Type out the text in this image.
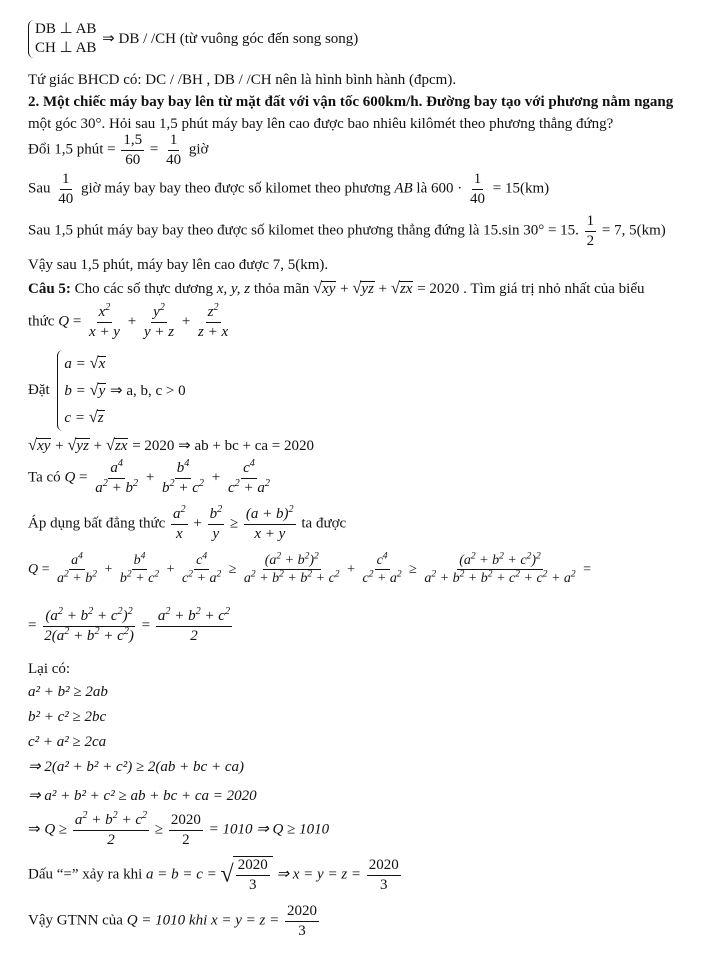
DB ⊥ AB
CH ⊥ AB
⇒ DB / /CH (từ vuông góc đến song song)
Tứ giác BHCD có: DC / /BH , DB / /CH nên là hình bình hành (đpcm).
2. Một chiếc máy bay bay lên từ mặt đất với vận tốc 600km/h. Đường bay tạo với phương nằm ngang
một góc 30°. Hỏi sau 1,5 phút máy bay lên cao được bao nhiêu kilômét theo phương thẳng đứng?
Đổi 1,5 phút = $\frac{1,5}{60} = \frac{1}{40}$ giờ
Sau $\frac{1}{40}$ giờ máy bay bay theo được số kilomet theo phương AB là $600 \cdot \frac{1}{40} = 15(km)$
Sau 1,5 phút máy bay bay theo được số kilomet theo phương thẳng đứng là 15.sin 30° = 15. $\frac{1}{2} = 7$, 5(km)
Vậy sau 1,5 phút, máy bay lên cao được 7, 5(km).
Câu 5: Cho các số thực dương x, y, z thỏa mãn √xy + √yz + √zx = 2020 . Tìm giá trị nhỏ nhất của biểu
thức $Q = \frac{x^2}{x + y} + \frac{y^2}{y + z} + \frac{z^2}{z + x}$
Đặt
a = √x
b = √y ⇒ a, b, c > 0
c = √z
√xy + √yz + √zx = 2020 ⇒ ab + bc + ca = 2020
Ta có $Q = \frac{a^4}{a^2 + b^2} + \frac{b^4}{b^2 + c^2} + \frac{c^4}{c^2 + a^2}$
Áp dụng bất đẳng thức $\frac{a^2}{x} + \frac{b^2}{y} \ge \frac{(a + b)^2}{x + y}$ ta được
$Q = \frac{a^4}{a^2 + b^2} + \frac{b^4}{b^2 + c^2} + \frac{c^4}{c^2 + a^2} \ge \frac{(a^2 + b^2)^2}{a^2 + b^2 + b^2 + c^2} + \frac{c^4}{c^2 + a^2} \ge \frac{(a^2 + b^2 + c^2)^2}{a^2 + b^2 + b^2 + c^2 + c^2 + a^2}$ =
= $\frac{(a^2 + b^2 + c^2)^2}{2(a^2 + b^2 + c^2)} = \frac{a^2 + b^2 + c^2}{2}$
Lại có:
a² + b² ≥ 2ab
b² + c² ≥ 2bc
c² + a² ≥ 2ca
⇒ 2(a² + b² + c²) ≥ 2(ab + bc + ca)
⇒ a² + b² + c² ≥ ab + bc + ca = 2020
⇒ $Q \ge \frac{a^2 + b^2 + c^2}{2} \ge \frac{2020}{2} = 1010$ ⇒ Q ≥ 1010
Dấu “=” xảy ra khi a = b = c = √ $\frac{2020}{3}$ ⇒ $x = y = z = \frac{2020}{3}$
Vậy GTNN của Q = 1010 khi $x = y = z = \frac{2020}{3}$
